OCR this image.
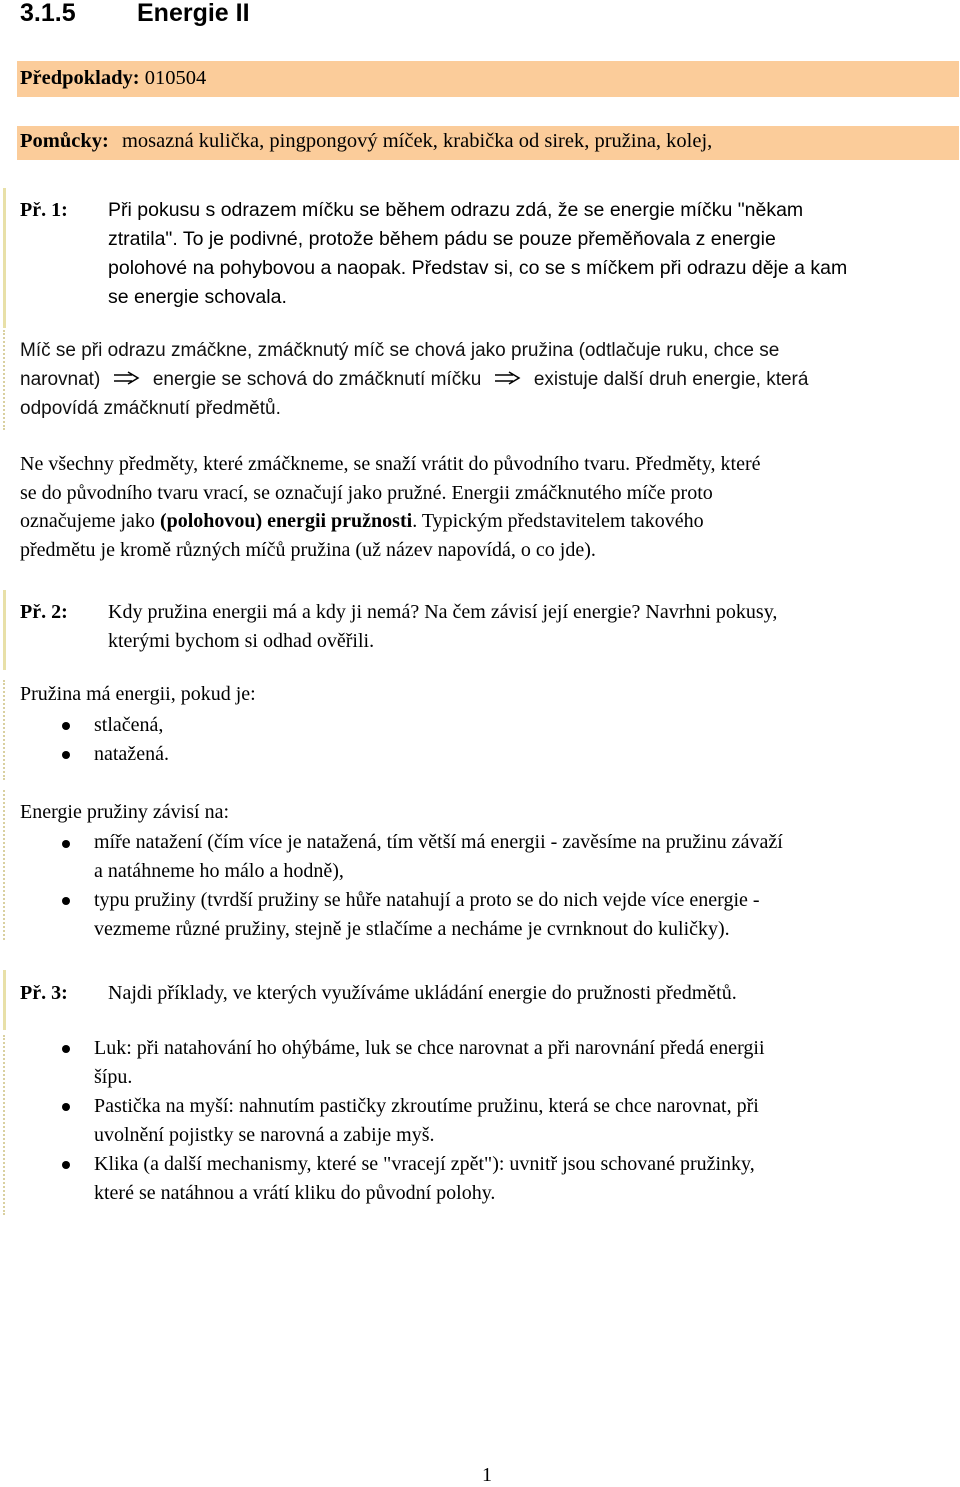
3.1.5 Energie II
Předpoklady: 010504
Pomůcky: mosazná kulička, pingpongový míček, krabička od sirek, pružina, kolej,
Př. 1: Při pokusu s odrazem míčku se během odrazu zdá, že se energie míčku "někam
ztratila". To je podivné, protože během pádu se pouze přeměňovala z energie
polohové na pohybovou a naopak. Představ si, co se s míčkem při odrazu děje a kam
se energie schovala.
Míč se při odrazu zmáčkne, zmáčknutý míč se chová jako pružina (odtlačuje ruku, chce se
narovnat)	energie se schová do zmáčknutí míčku	existuje další druh energie, která
odpovídá zmáčknutí předmětů.
Ne všechny předměty, které zmáčkneme, se snaží vrátit do původního tvaru. Předměty, které
se do původního tvaru vrací, se označují jako pružné. Energii zmáčknutého míče proto
označujeme jako (polohovou) energii pružnosti. Typickým představitelem takového
předmětu je kromě různých míčů pružina (už název napovídá, o co jde).
Př. 2: Kdy pružina energii má a kdy ji nemá? Na čem závisí její energie? Navrhni pokusy,
kterými bychom si odhad ověřili.
Pružina má energii, pokud je:
stlačená,
natažená.
Energie pružiny závisí na:
míře natažení (čím více je natažená, tím větší má energii - zavěsíme na pružinu závaží
a natáhneme ho málo a hodně),
typu pružiny (tvrdší pružiny se hůře natahují a proto se do nich vejde více energie -
vezmeme různé pružiny, stejně je stlačíme a necháme je cvrnknout do kuličky).
Př. 3: Najdi příklady, ve kterých využíváme ukládání energie do pružnosti předmětů.
Luk: při natahování ho ohýbáme, luk se chce narovnat a při narovnání předá energii
šípu.
Pastička na myší: nahnutím pastičky zkroutíme pružinu, která se chce narovnat, při
uvolnění pojistky se narovná a zabije myš.
Klika (a další mechanismy, které se "vracejí zpět"): uvnitř jsou schované pružinky,
které se natáhnou a vrátí kliku do původní polohy.
1
